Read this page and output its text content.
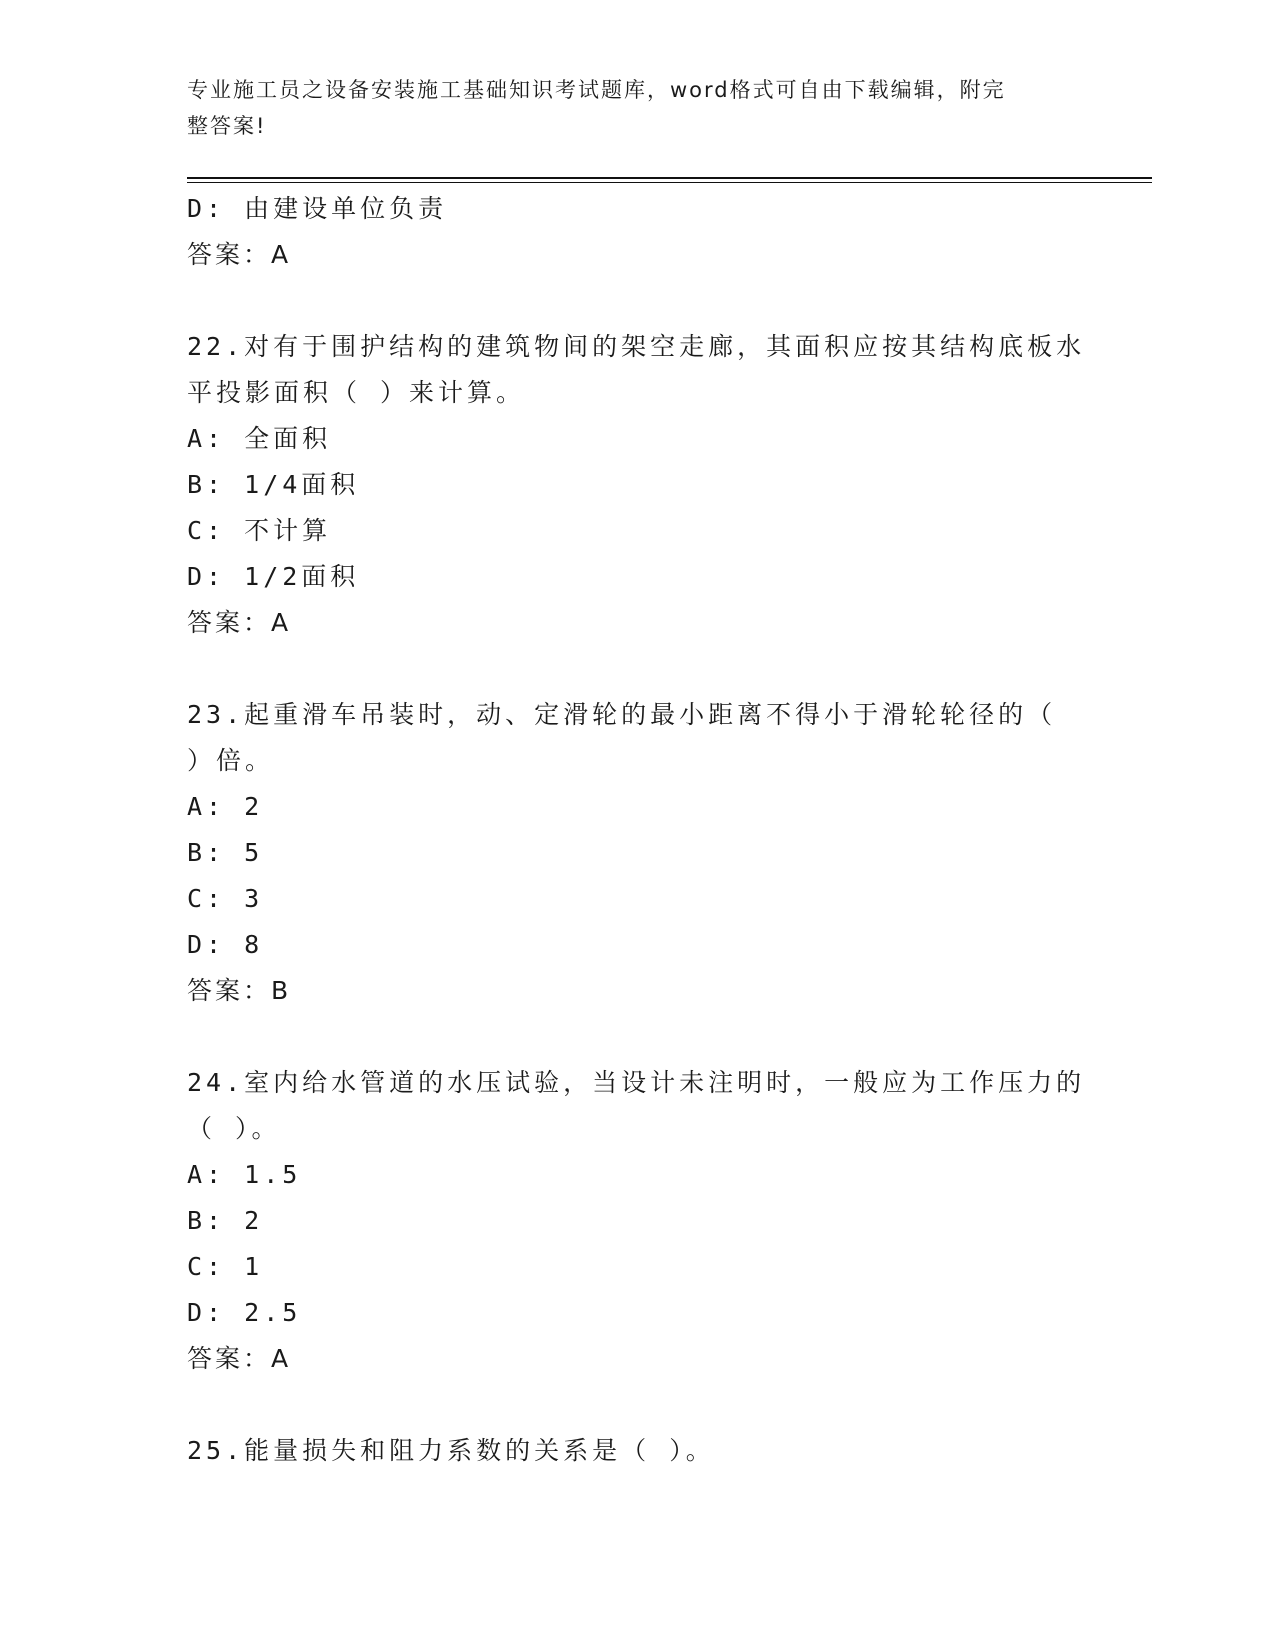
专业施工员之设备安装施工基础知识考试题库，word格式可自由下载编辑，附完
整答案!
D: 由建设单位负责
答案：A
22.对有于围护结构的建筑物间的架空走廊，其面积应按其结构底板水
平投影面积（ ）来计算。
A: 全面积
B: 1/4面积
C: 不计算
D: 1/2面积
答案：A
23.起重滑车吊装时，动、定滑轮的最小距离不得小于滑轮轮径的（
）倍。
A: 2
B: 5
C: 3
D: 8
答案：B
24.室内给水管道的水压试验，当设计未注明时，一般应为工作压力的
（ ）。
A: 1.5
B: 2
C: 1
D: 2.5
答案：A
25.能量损失和阻力系数的关系是（ ）。
